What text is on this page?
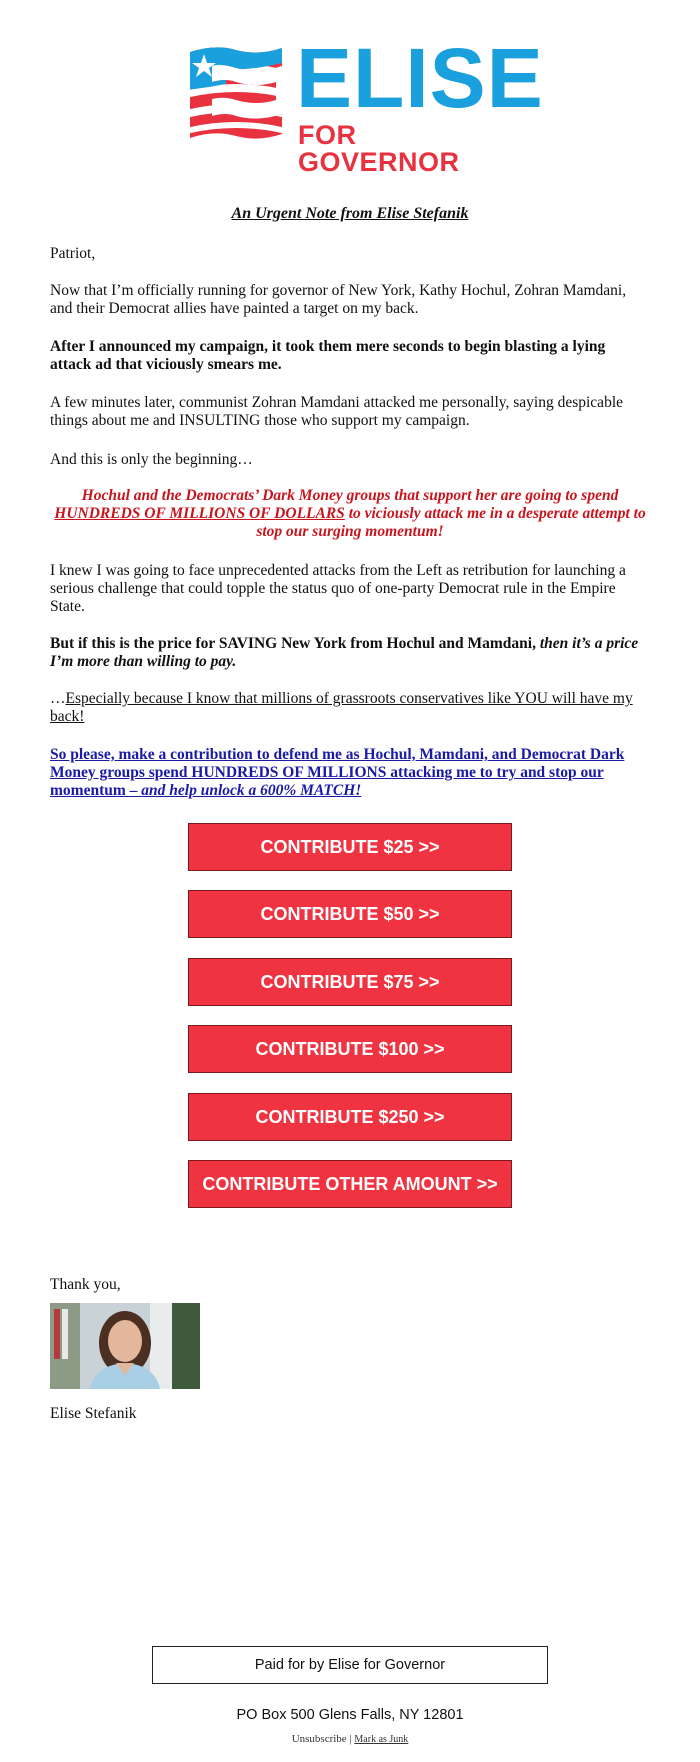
ELISE
FOR GOVERNOR
An Urgent Note from Elise Stefanik
Patriot,
Now that I’m officially running for governor of New York, Kathy Hochul, Zohran Mamdani, and their Democrat allies have painted a target on my back.
After I announced my campaign, it took them mere seconds to begin blasting a lying attack ad that viciously smears me.
A few minutes later, communist Zohran Mamdani attacked me personally, saying despicable things about me and INSULTING those who support my campaign.
And this is only the beginning…
Hochul and the Democrats’ Dark Money groups that support her are going to spend HUNDREDS OF MILLIONS OF DOLLARS to viciously attack me in a desperate attempt to stop our surging momentum!
I knew I was going to face unprecedented attacks from the Left as retribution for launching a serious challenge that could topple the status quo of one-party Democrat rule in the Empire State.
But if this is the price for SAVING New York from Hochul and Mamdani, then it’s a price I’m more than willing to pay.
…Especially because I know that millions of grassroots conservatives like YOU will have my back!
So please, make a contribution to defend me as Hochul, Mamdani, and Democrat Dark Money groups spend HUNDREDS OF MILLIONS attacking me to try and stop our momentum – and help unlock a 600% MATCH!
CONTRIBUTE $25 >>
CONTRIBUTE $50 >>
CONTRIBUTE $75 >>
CONTRIBUTE $100 >>
CONTRIBUTE $250 >>
CONTRIBUTE OTHER AMOUNT >>
Thank you,
Elise Stefanik
Paid for by Elise for Governor
PO Box 500 Glens Falls, NY 12801
Unsubscribe | Mark as Junk
